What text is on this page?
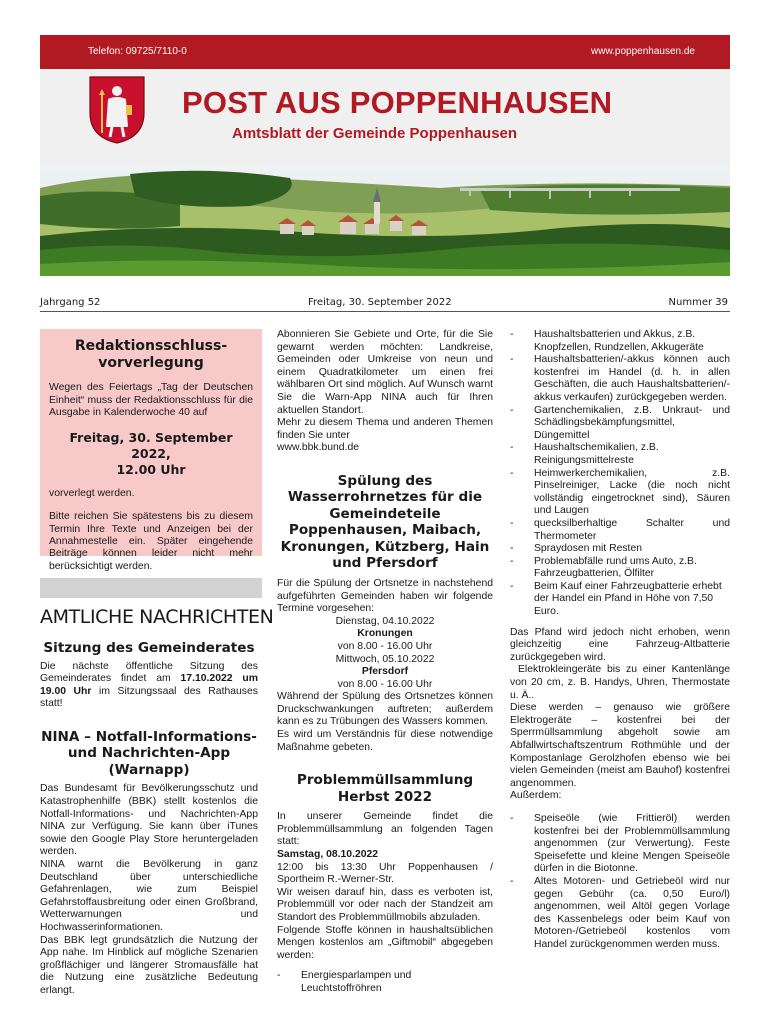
Telefon: 09725/7110-0	www.poppenhausen.de
POST AUS POPPENHAUSEN
Amtsblatt der Gemeinde Poppenhausen
Jahrgang 52	Freitag, 30. September 2022	Nummer 39
Redaktionsschluss-vorverlegung

Wegen des Feiertags „Tag der Deutschen Einheit“ muss der Redaktionsschluss für die Ausgabe in Kalenderwoche 40 auf

Freitag, 30. September 2022,
12.00 Uhr

vorverlegt werden.

Bitte reichen Sie spätestens bis zu diesem Termin Ihre Texte und Anzeigen bei der Annahmestelle ein. Später eingehende Beiträge können leider nicht mehr berücksichtigt werden.

AMTLICHE NACHRICHTEN
Sitzung des Gemeinderates

Die nächste öffentliche Sitzung des Gemeinderates findet am 17.10.2022 um 19.00 Uhr im Sitzungssaal des Rathauses statt!

NINA – Notfall-Informations- und Nachrichten-App (Warnapp)

Das Bundesamt für Bevölkerungsschutz und Katastrophenhilfe (BBK) stellt kostenlos die Notfall-Informations- und Nachrichten-App NINA zur Verfügung. Sie kann über iTunes sowie den Google Play Store heruntergeladen werden.

NINA warnt die Bevölkerung in ganz Deutschland über unterschiedliche Gefahrenlagen, wie zum Beispiel Gefahrstoffausbreitung oder einen Großbrand, Wetterwarnungen und Hochwasserinformationen.

Das BBK legt grundsätzlich die Nutzung der App nahe. Im Hinblick auf mögliche Szenarien großflächiger und längerer Stromausfälle hat die Nutzung eine zusätzliche Bedeutung erlangt.

Abonnieren Sie Gebiete und Orte, für die Sie gewarnt werden möchten: Landkreise, Gemeinden oder Umkreise von neun und einem Quadratkilometer um einen frei wählbaren Ort sind möglich. Auf Wunsch warnt Sie die Warn-App NINA auch für Ihren aktuellen Standort.

Mehr zu diesem Thema und anderen Themen finden Sie unter

www.bbk.bund.de

Spülung des Wasserrohrnetzes für die Gemeindeteile Poppenhausen, Maibach, Kronungen, Kützberg, Hain und Pfersdorf

Für die Spülung der Ortsnetze in nachstehend aufgeführten Gemeinden haben wir folgende Termine vorgesehen:

Dienstag, 04.10.2022

Kronungen

von 8.00 - 16.00 Uhr

Mittwoch, 05.10.2022

Pfersdorf

von 8.00 - 16.00 Uhr

Während der Spülung des Ortsnetzes können Druckschwankungen auftreten; außerdem kann es zu Trübungen des Wassers kommen.

Es wird um Verständnis für diese notwendige Maßnahme gebeten.

Problemmüllsammlung Herbst 2022

In unserer Gemeinde findet die Problemmüllsammlung an folgenden Tagen statt:

Samstag, 08.10.2022

12:00 bis 13:30 Uhr Poppenhausen / Sportheim R.-Werner-Str.

Wir weisen darauf hin, dass es verboten ist, Problemmüll vor oder nach der Standzeit am Standort des Problemmüllmobils abzuladen.

Folgende Stoffe können in haushaltsüblichen Mengen kostenlos am „Giftmobil“ abgegeben werden:

- Energiesparlampen und Leuchtstoffröhren
- Haushaltsbatterien und Akkus, z.B. Knopfzellen, Rundzellen, Akkugeräte
- Haushaltsbatterien/-akkus können auch kostenfrei im Handel (d. h. in allen Geschäften, die auch Haushaltsbatterien/-akkus verkaufen) zurückgegeben werden.
- Gartenchemikalien, z.B. Unkraut- und Schädlingsbekämpfungsmittel, Düngemittel
- Haushaltschemikalien, z.B. Reinigungsmittelreste
- Heimwerkerchemikalien, z.B. Pinselreiniger, Lacke (die noch nicht vollständig eingetrocknet sind), Säuren und Laugen
- quecksilberhaltige Schalter und Thermometer
- Spraydosen mit Resten
- Problemabfälle rund ums Auto, z.B. Fahrzeugbatterien, Ölfilter
- Beim Kauf einer Fahrzeugbatterie erhebt der Handel ein Pfand in Höhe von 7,50 Euro.

Das Pfand wird jedoch nicht erhoben, wenn gleichzeitig eine Fahrzeug-Altbatterie zurückgegeben wird.

Elektrokleingeräte bis zu einer Kantenlänge von 20 cm, z. B. Handys, Uhren, Thermostate u. Ä..

Diese werden – genauso wie größere Elektrogeräte – kostenfrei bei der Sperrmüllsammlung abgeholt sowie am Abfallwirtschaftszentrum Rothmühle und der Kompostanlage Gerolzhofen ebenso wie bei vielen Gemeinden (meist am Bauhof) kostenfrei angenommen.

Außerdem:

- Speiseöle (wie Frittieröl) werden kostenfrei bei der Problemmüllsammlung angenommen (zur Verwertung). Feste Speisefette und kleine Mengen Speiseöle dürfen in die Biotonne.
- Altes Motoren- und Getriebeöl wird nur gegen Gebühr (ca. 0,50 Euro/l) angenommen, weil Altöl gegen Vorlage des Kassenbelegs oder beim Kauf von Motoren-/Getriebeöl kostenlos vom Handel zurückgenommen werden muss.
